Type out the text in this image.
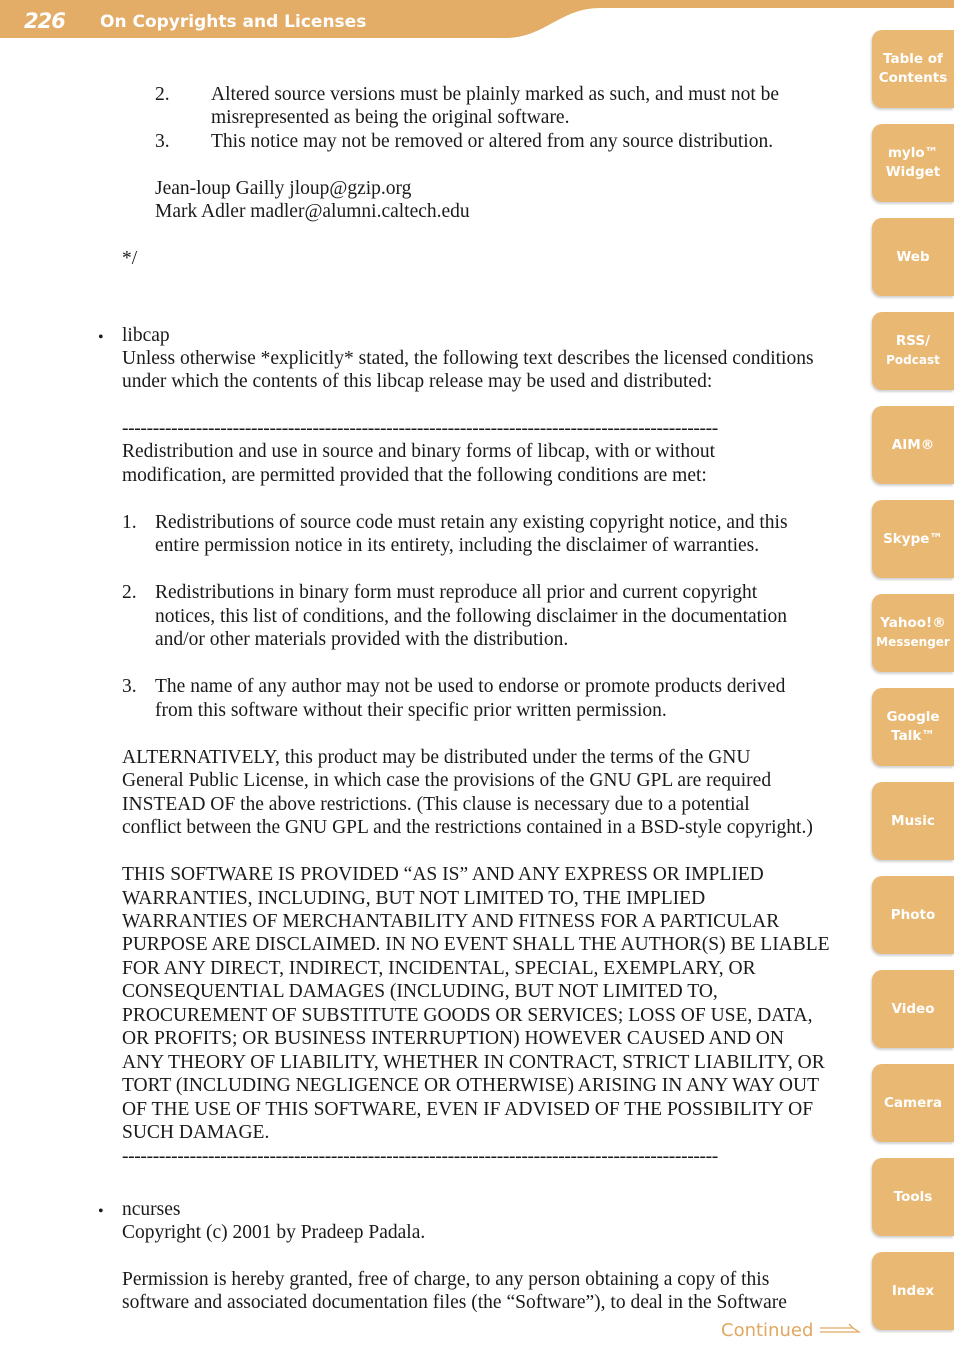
226 On Copyrights and Licenses
Table of
Contents
mylo™
Widget
Web
RSS/
Podcast
AIM®
Skype™
Yahoo!®
Messenger
Google
Talk™
Music
Photo
Video
Camera
Tools
Index
2. Altered source versions must be plainly marked as such, and must not be
misrepresented as being the original software.
3. This notice may not be removed or altered from any source distribution.
Jean-loup Gailly jloup@gzip.org
Mark Adler madler@alumni.caltech.edu
*/
• libcap
Unless otherwise *explicitly* stated, the following text describes the licensed conditions
under which the contents of this libcap release may be used and distributed:
-------------------------------------------------------------------------------------------------
Redistribution and use in source and binary forms of libcap, with or without
modification, are permitted provided that the following conditions are met:
1. Redistributions of source code must retain any existing copyright notice, and this
entire permission notice in its entirety, including the disclaimer of warranties.
2. Redistributions in binary form must reproduce all prior and current copyright
notices, this list of conditions, and the following disclaimer in the documentation
and/or other materials provided with the distribution.
3. The name of any author may not be used to endorse or promote products derived
from this software without their specific prior written permission.
ALTERNATIVELY, this product may be distributed under the terms of the GNU
General Public License, in which case the provisions of the GNU GPL are required
INSTEAD OF the above restrictions. (This clause is necessary due to a potential
conflict between the GNU GPL and the restrictions contained in a BSD-style copyright.)
THIS SOFTWARE IS PROVIDED “AS IS” AND ANY EXPRESS OR IMPLIED
WARRANTIES, INCLUDING, BUT NOT LIMITED TO, THE IMPLIED
WARRANTIES OF MERCHANTABILITY AND FITNESS FOR A PARTICULAR
PURPOSE ARE DISCLAIMED. IN NO EVENT SHALL THE AUTHOR(S) BE LIABLE
FOR ANY DIRECT, INDIRECT, INCIDENTAL, SPECIAL, EXEMPLARY, OR
CONSEQUENTIAL DAMAGES (INCLUDING, BUT NOT LIMITED TO,
PROCUREMENT OF SUBSTITUTE GOODS OR SERVICES; LOSS OF USE, DATA,
OR PROFITS; OR BUSINESS INTERRUPTION) HOWEVER CAUSED AND ON
ANY THEORY OF LIABILITY, WHETHER IN CONTRACT, STRICT LIABILITY, OR
TORT (INCLUDING NEGLIGENCE OR OTHERWISE) ARISING IN ANY WAY OUT
OF THE USE OF THIS SOFTWARE, EVEN IF ADVISED OF THE POSSIBILITY OF
SUCH DAMAGE.
-------------------------------------------------------------------------------------------------
• ncurses
Copyright (c) 2001 by Pradeep Padala.
Permission is hereby granted, free of charge, to any person obtaining a copy of this
software and associated documentation files (the “Software”), to deal in the Software
Continued
